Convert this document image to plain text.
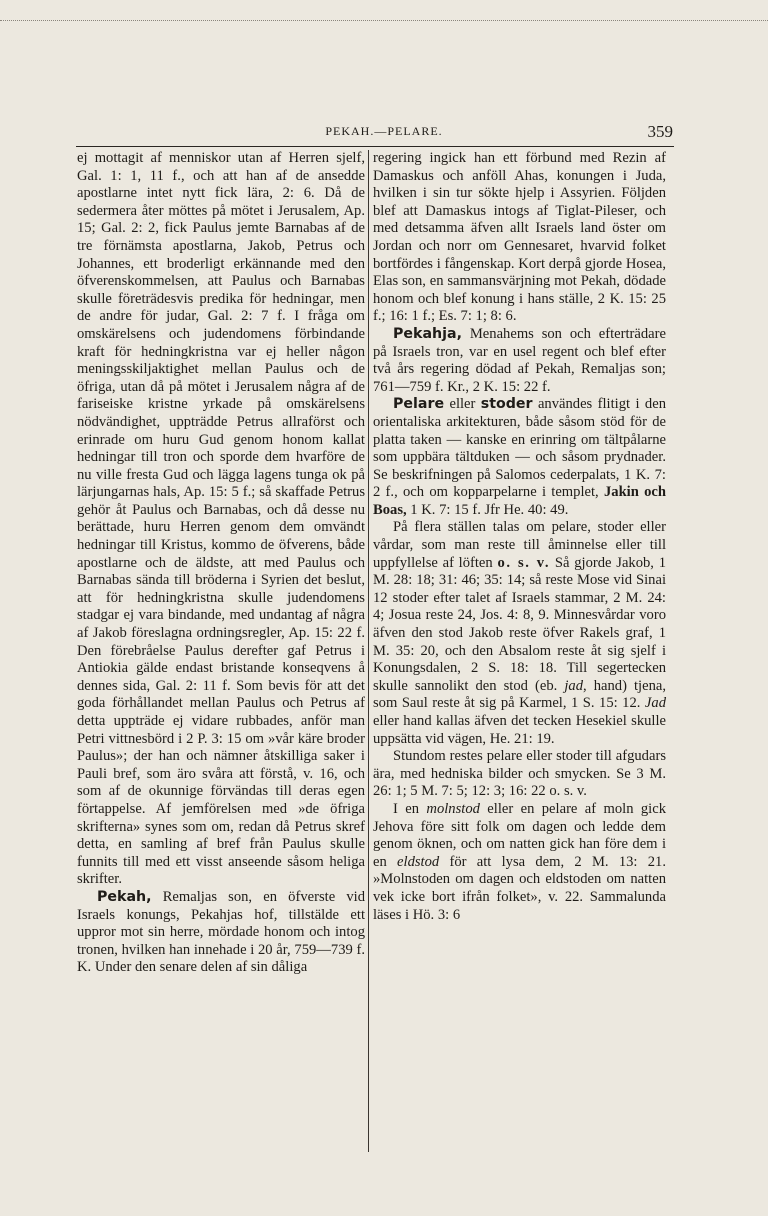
PEKAH.—PELARE.	359

ej mottagit af menniskor utan af Herren sjelf, Gal. 1: 1, 11 f., och att han af de ansedde apostlarne intet nytt fick lära, 2: 6. Då de sedermera åter möttes på mötet i Jerusalem, Ap. 15; Gal. 2: 2, fick Paulus jemte Barnabas af de tre förnämsta apostlarna, Jakob, Petrus och Johannes, ett broderligt erkännande med den öfverenskommelsen, att Paulus och Barnabas skulle företrädesvis predika för hedningar, men de andre för judar, Gal. 2: 7 f. I fråga om omskärelsens och judendomens förbindande kraft för hedningkristna var ej heller någon meningsskiljaktighet mellan Paulus och de öfriga, utan då på mötet i Jerusalem några af de fariseiske kristne yrkade på omskärelsens nödvändighet, uppträdde Petrus allraförst och erinrade om huru Gud genom honom kallat hedningar till tron och sporde dem hvarföre de nu ville fresta Gud och lägga lagens tunga ok på lärjungarnas hals, Ap. 15: 5 f.; så skaffade Petrus gehör åt Paulus och Barnabas, och då desse nu berättade, huru Herren genom dem omvändt hedningar till Kristus, kommo de öfverens, både apostlarne och de äldste, att med Paulus och Barnabas sända till bröderna i Syrien det beslut, att för hedningkristna skulle judendomens stadgar ej vara bindande, med undantag af några af Jakob föreslagna ordningsregler, Ap. 15: 22 f. Den förebråelse Paulus derefter gaf Petrus i Antiokia gälde endast bristande konseqvens å dennes sida, Gal. 2: 11 f. Som bevis för att det goda förhållandet mellan Paulus och Petrus af detta uppträde ej vidare rubbades, anför man Petri vittnesbörd i 2 P. 3: 15 om »vår käre broder Paulus»; der han och nämner åtskilliga saker i Pauli bref, som äro svåra att förstå, v. 16, och som af de okunnige förvändas till deras egen förtappelse. Af jemförelsen med »de öfriga skrifterna» synes som om, redan då Petrus skref detta, en samling af bref från Paulus skulle funnits till med ett visst anseende såsom heliga skrifter.

Pekah, Remaljas son, en öfverste vid Israels konungs, Pekahjas hof, tillstälde ett uppror mot sin herre, mördade honom och intog tronen, hvilken han innehade i 20 år, 759—739 f. K. Under den senare delen af sin dåliga

regering ingick han ett förbund med Rezin af Damaskus och anföll Ahas, konungen i Juda, hvilken i sin tur sökte hjelp i Assyrien. Följden blef att Damaskus intogs af Tiglat-Pileser, och med detsamma äfven allt Israels land öster om Jordan och norr om Gennesaret, hvarvid folket bortfördes i fångenskap. Kort derpå gjorde Hosea, Elas son, en sammansvärjning mot Pekah, dödade honom och blef konung i hans ställe, 2 K. 15: 25 f.; 16: 1 f.; Es. 7: 1; 8: 6.

Pekahja, Menahems son och efterträdare på Israels tron, var en usel regent och blef efter två års regering dödad af Pekah, Remaljas son; 761—759 f. Kr., 2 K. 15: 22 f.

Pelare eller stoder användes flitigt i den orientaliska arkitekturen, både såsom stöd för de platta taken — kanske en erinring om tältpålarne som uppbära tältduken — och såsom prydnader. Se beskrifningen på Salomos cederpalats, 1 K. 7: 2 f., och om kopparpelarne i templet, Jakin och Boas, 1 K. 7: 15 f. Jfr He. 40: 49.

På flera ställen talas om pelare, stoder eller vårdar, som man reste till åminnelse eller till uppfyllelse af löften o. s. v. Så gjorde Jakob, 1 M. 28: 18; 31: 46; 35: 14; så reste Mose vid Sinai 12 stoder efter talet af Israels stammar, 2 M. 24: 4; Josua reste 24, Jos. 4: 8, 9. Minnesvårdar voro äfven den stod Jakob reste öfver Rakels graf, 1 M. 35: 20, och den Absalom reste åt sig sjelf i Konungsdalen, 2 S. 18: 18. Till segertecken skulle sannolikt den stod (eb. jad, hand) tjena, som Saul reste åt sig på Karmel, 1 S. 15: 12. Jad eller hand kallas äfven det tecken Hesekiel skulle uppsätta vid vägen, He. 21: 19.

Stundom restes pelare eller stoder till afgudars ära, med hedniska bilder och smycken. Se 3 M. 26: 1; 5 M. 7: 5; 12: 3; 16: 22 o. s. v.

I en molnstod eller en pelare af moln gick Jehova före sitt folk om dagen och ledde dem genom öknen, och om natten gick han före dem i en eldstod för att lysa dem, 2 M. 13: 21. »Molnstoden om dagen och eldstoden om natten vek icke bort ifrån folket», v. 22. Sammalunda läses i Hö. 3: 6
